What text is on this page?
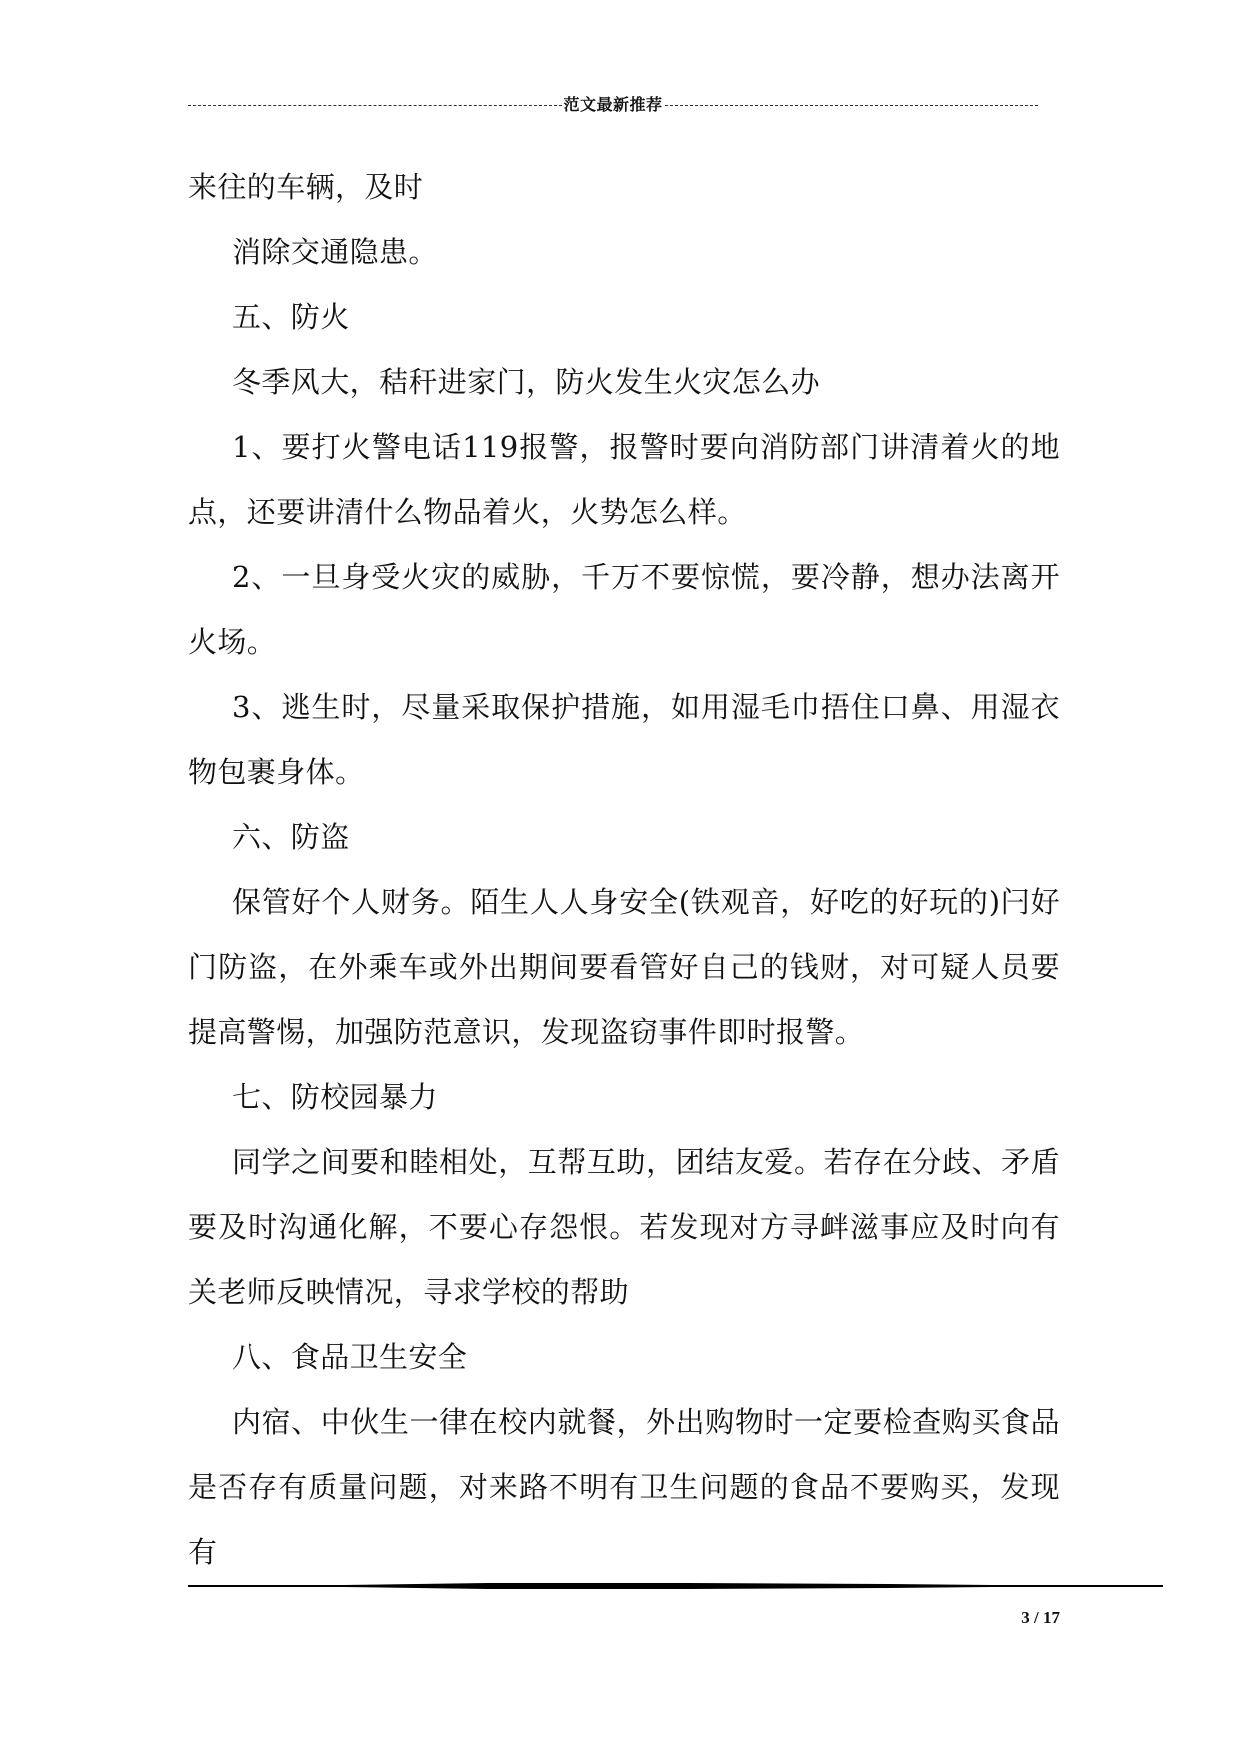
范文最新推荐

来往的车辆，及时

消除交通隐患。

五、防火

冬季风大，秸秆进家门，防火发生火灾怎么办

1、要打火警电话119报警，报警时要向消防部门讲清着火的地点，还要讲清什么物品着火，火势怎么样。

2、一旦身受火灾的威胁，千万不要惊慌，要冷静，想办法离开火场。

3、逃生时，尽量采取保护措施，如用湿毛巾捂住口鼻、用湿衣物包裹身体。

六、防盗

保管好个人财务。陌生人人身安全(铁观音，好吃的好玩的)闩好门防盗，在外乘车或外出期间要看管好自己的钱财，对可疑人员要提高警惕，加强防范意识，发现盗窃事件即时报警。

七、防校园暴力

同学之间要和睦相处，互帮互助，团结友爱。若存在分歧、矛盾要及时沟通化解，不要心存怨恨。若发现对方寻衅滋事应及时向有关老师反映情况，寻求学校的帮助

八、食品卫生安全

内宿、中伙生一律在校内就餐，外出购物时一定要检查购买食品是否存有质量问题，对来路不明有卫生问题的食品不要购买，发现有

3 / 17
